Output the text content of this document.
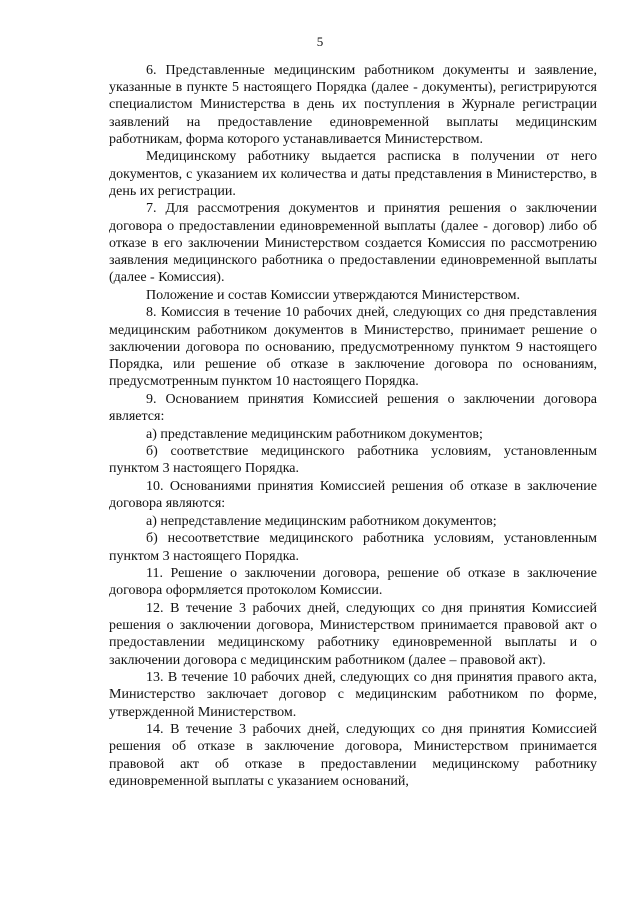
5

6. Представленные медицинским работником документы и заявление, указанные в пункте 5 настоящего Порядка (далее - документы), регистрируются специалистом Министерства в день их поступления в Журнале регистрации заявлений на предоставление единовременной выплаты медицинским работникам, форма которого устанавливается Министерством.

Медицинскому работнику выдается расписка в получении от него документов, с указанием их количества и даты представления в Министерство, в день их регистрации.

7. Для рассмотрения документов и принятия решения о заключении договора о предоставлении единовременной выплаты (далее - договор) либо об отказе в его заключении Министерством создается Комиссия по рассмотрению заявления медицинского работника о предоставлении единовременной выплаты (далее - Комиссия).

Положение и состав Комиссии утверждаются Министерством.

8. Комиссия в течение 10 рабочих дней, следующих со дня представления медицинским работником документов в Министерство, принимает решение о заключении договора по основанию, предусмотренному пунктом 9 настоящего Порядка, или решение об отказе в заключение договора по основаниям, предусмотренным пунктом 10 настоящего Порядка.

9. Основанием принятия Комиссией решения о заключении договора является:

а) представление медицинским работником документов;

б) соответствие медицинского работника условиям, установленным пунктом 3 настоящего Порядка.

10. Основаниями принятия Комиссией решения об отказе в заключение договора являются:

а) непредставление медицинским работником документов;

б) несоответствие медицинского работника условиям, установленным пунктом 3 настоящего Порядка.

11. Решение о заключении договора, решение об отказе в заключение договора оформляется протоколом Комиссии.

12. В течение 3 рабочих дней, следующих со дня принятия Комиссией решения о заключении договора, Министерством принимается правовой акт о предоставлении медицинскому работнику единовременной выплаты и о заключении договора с медицинским работником (далее – правовой акт).

13. В течение 10 рабочих дней, следующих со дня принятия правого акта, Министерство заключает договор с медицинским работником по форме, утвержденной Министерством.

14. В течение 3 рабочих дней, следующих со дня принятия Комиссией решения об отказе в заключение договора, Министерством принимается правовой акт об отказе в предоставлении медицинскому работнику единовременной выплаты с указанием оснований,
